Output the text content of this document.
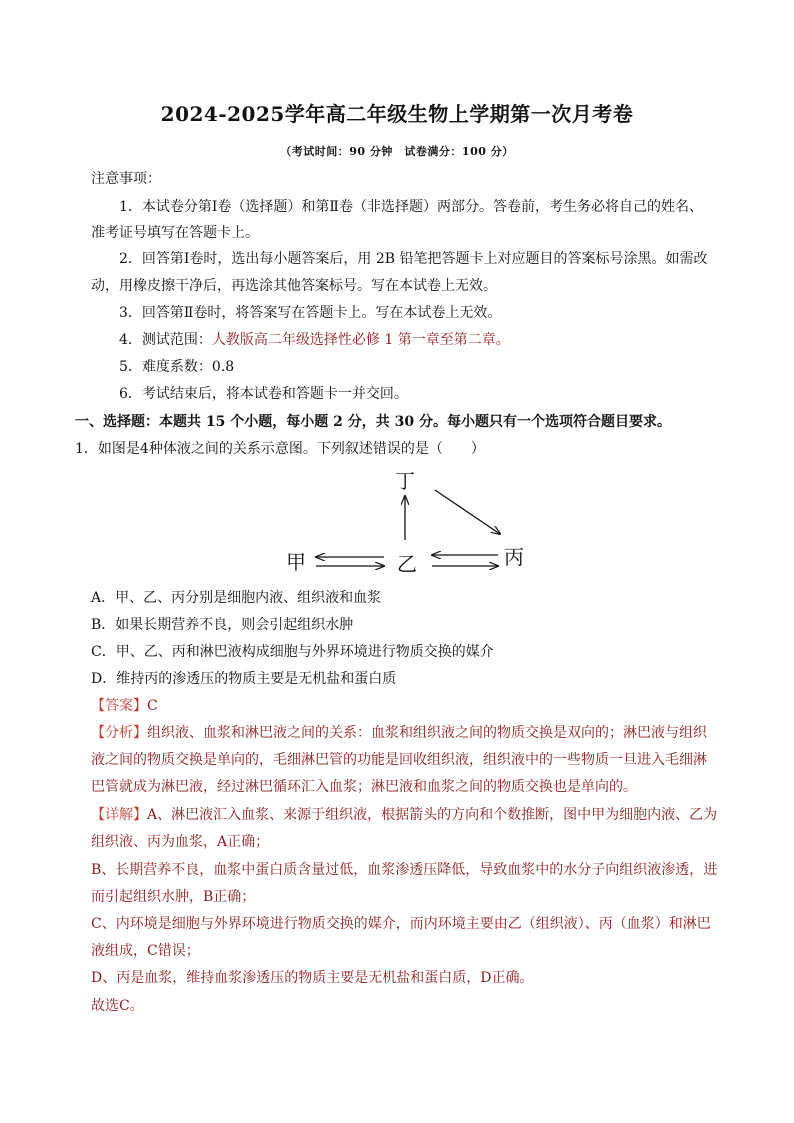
2024-2025学年高二年级生物上学期第一次月考卷
（考试时间：90 分钟　试卷满分：100 分）
注意事项：
1．本试卷分第Ⅰ卷（选择题）和第Ⅱ卷（非选择题）两部分。答卷前，考生务必将自己的姓名、
准考证号填写在答题卡上。
2．回答第Ⅰ卷时，选出每小题答案后，用 2B 铅笔把答题卡上对应题目的答案标号涂黑。如需改
动，用橡皮擦干净后，再选涂其他答案标号。写在本试卷上无效。
3．回答第Ⅱ卷时，将答案写在答题卡上。写在本试卷上无效。
4．测试范围：人教版高二年级选择性必修 1 第一章至第二章。
5．难度系数：0.8
6．考试结束后，将本试卷和答题卡一并交回。
一、选择题：本题共 15 个小题，每小题 2 分，共 30 分。每小题只有一个选项符合题目要求。
1．如图是4种体液之间的关系示意图。下列叙述错误的是（　　）
丁
甲	乙	丙
A．甲、乙、丙分别是细胞内液、组织液和血浆
B．如果长期营养不良，则会引起组织水肿
C．甲、乙、丙和淋巴液构成细胞与外界环境进行物质交换的媒介
D．维持丙的渗透压的物质主要是无机盐和蛋白质
【答案】C
【分析】组织液、血浆和淋巴液之间的关系：血浆和组织液之间的物质交换是双向的；淋巴液与组织
液之间的物质交换是单向的，毛细淋巴管的功能是回收组织液，组织液中的一些物质一旦进入毛细淋
巴管就成为淋巴液，经过淋巴循环汇入血浆；淋巴液和血浆之间的物质交换也是单向的。
【详解】A、淋巴液汇入血浆、来源于组织液，根据箭头的方向和个数推断，图中甲为细胞内液、乙为
组织液、丙为血浆，A正确；
B、长期营养不良，血浆中蛋白质含量过低，血浆渗透压降低，导致血浆中的水分子向组织液渗透，进
而引起组织水肿，B正确；
C、内环境是细胞与外界环境进行物质交换的媒介，而内环境主要由乙（组织液）、丙（血浆）和淋巴
液组成，C错误；
D、丙是血浆，维持血浆渗透压的物质主要是无机盐和蛋白质，D正确。
故选C。
